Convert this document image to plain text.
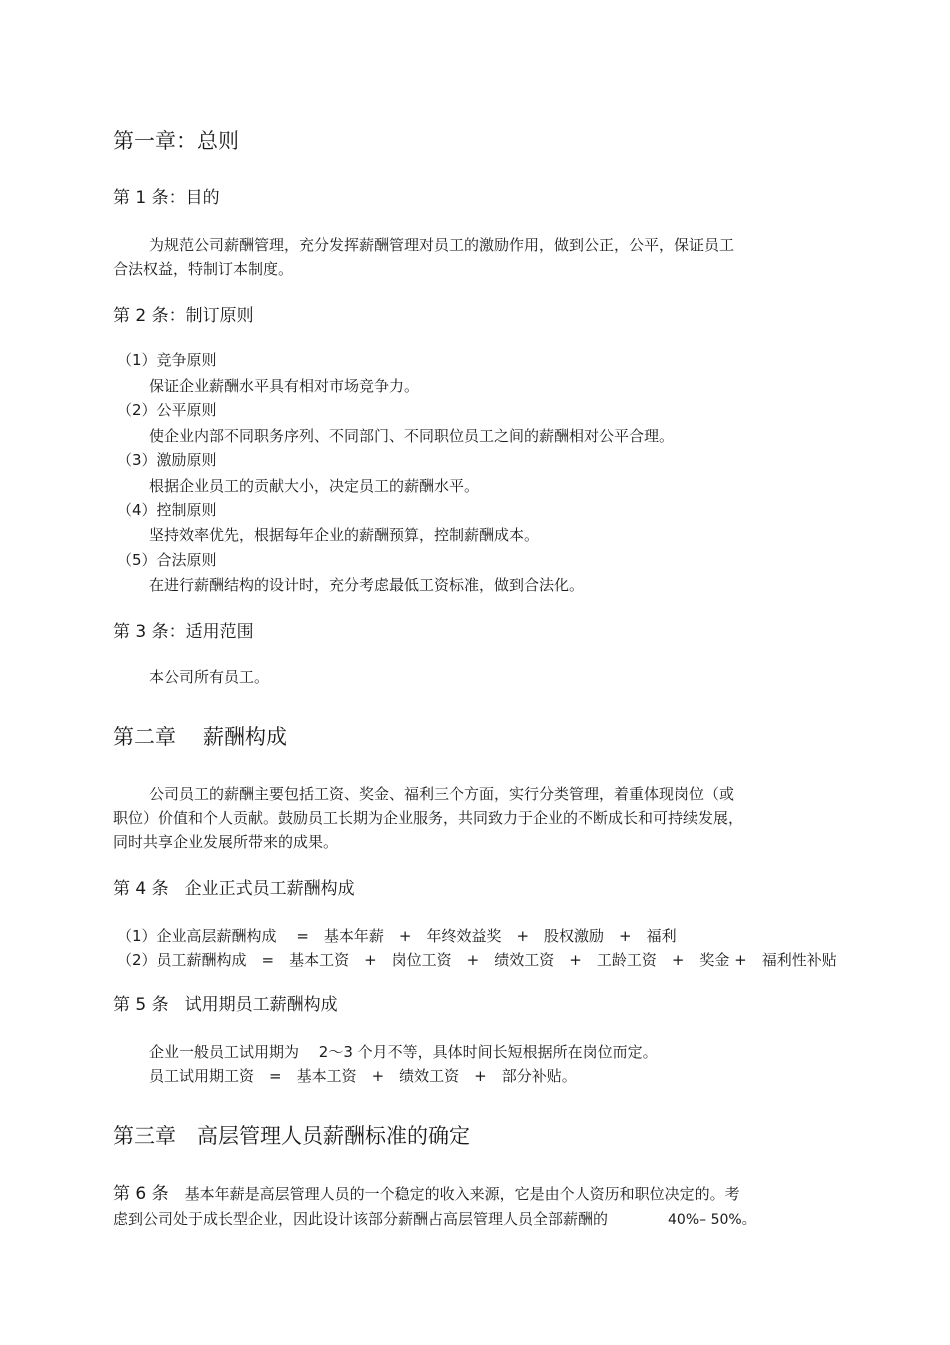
第一章：总则
第 1 条：目的
为规范公司薪酬管理，充分发挥薪酬管理对员工的激励作用，做到公正，公平，保证员工
合法权益，特制订本制度。
第 2 条：制订原则
（1）竞争原则
保证企业薪酬水平具有相对市场竞争力。
（2）公平原则
使企业内部不同职务序列、不同部门、不同职位员工之间的薪酬相对公平合理。
（3）激励原则
根据企业员工的贡献大小，决定员工的薪酬水平。
（4）控制原则
坚持效率优先，根据每年企业的薪酬预算，控制薪酬成本。
（5）合法原则
在进行薪酬结构的设计时，充分考虑最低工资标准，做到合法化。
第 3 条：适用范围
本公司所有员工。
第二章 薪酬构成
公司员工的薪酬主要包括工资、奖金、福利三个方面，实行分类管理，着重体现岗位（或
职位）价值和个人贡献。鼓励员工长期为企业服务，共同致力于企业的不断成长和可持续发展，
同时共享企业发展所带来的成果。
第 4 条 企业正式员工薪酬构成
（1）企业高层薪酬构成　 =　基本年薪　+　年终效益奖　+　股权激励　+　福利
（2）员工薪酬构成　=　基本工资　+　岗位工资　+　绩效工资　+　工龄工资　+　奖金 +　福利性补贴
第 5 条 试用期员工薪酬构成
企业一般员工试用期为　 2～3 个月不等，具体时间长短根据所在岗位而定。
员工试用期工资　=　基本工资　+　绩效工资　+　部分补贴。
第三章　高层管理人员薪酬标准的确定
第 6 条 基本年薪是高层管理人员的一个稳定的收入来源，它是由个人资历和职位决定的。考
虑到公司处于成长型企业，因此设计该部分薪酬占高层管理人员全部薪酬的	40%– 50%。
